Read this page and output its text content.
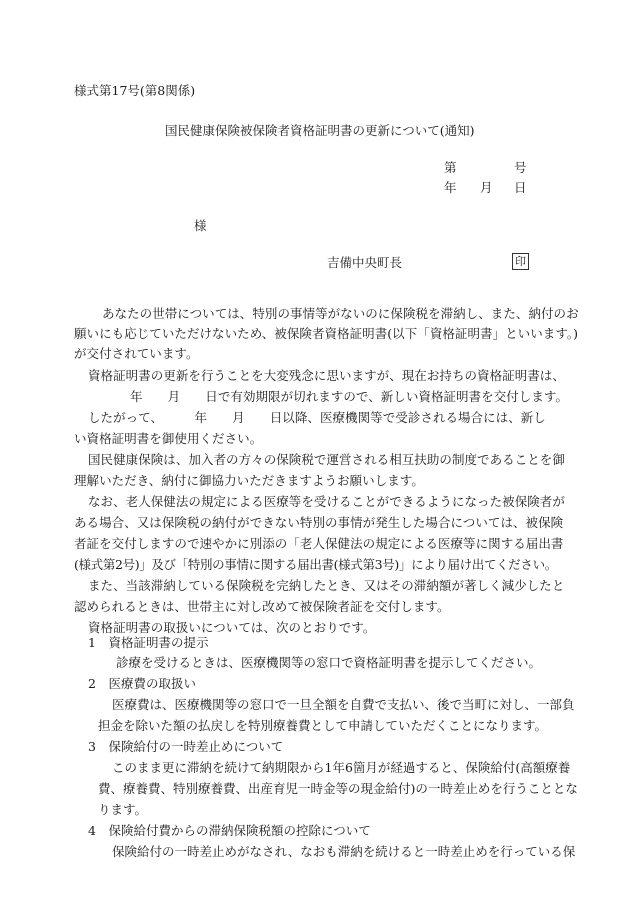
様式第17号(第8関係)
国民健康保険被保険者資格証明書の更新について(通知)
第	号
年 月 日
様
吉備中央町長	印
あなたの世帯については、特別の事情等がないのに保険税を滞納し、また、納付のお
願いにも応じていただけないため、被保険者資格証明書(以下「資格証明書」といいます。)
が交付されています。
資格証明書の更新を行うことを大変残念に思いますが、現在お持ちの資格証明書は、
年　　月　　日で有効期限が切れますので、新しい資格証明書を交付します。
したがって、　　　年　　月　　日以降、医療機関等で受診される場合には、新し
い資格証明書を御使用ください。
国民健康保険は、加入者の方々の保険税で運営される相互扶助の制度であることを御
理解いただき、納付に御協力いただきますようお願いします。
なお、老人保健法の規定による医療等を受けることができるようになった被保険者が
ある場合、又は保険税の納付ができない特別の事情が発生した場合については、被保険
者証を交付しますので速やかに別添の「老人保健法の規定による医療等に関する届出書
(様式第2号)」及び「特別の事情に関する届出書(様式第3号)」により届け出てください。
また、当該滞納している保険税を完納したとき、又はその滞納額が著しく減少したと
認められるときは、世帯主に対し改めて被保険者証を交付します。
資格証明書の取扱いについては、次のとおりです。
1　資格証明書の提示
診療を受けるときは、医療機関等の窓口で資格証明書を提示してください。
2　医療費の取扱い
医療費は、医療機関等の窓口で一旦全額を自費で支払い、後で当町に対し、一部負
担金を除いた額の払戻しを特別療養費として申請していただくことになります。
3　保険給付の一時差止めについて
このまま更に滞納を続けて納期限から1年6箇月が経過すると、保険給付(高額療養
費、療養費、特別療養費、出産育児一時金等の現金給付)の一時差止めを行うこととな
ります。
4　保険給付費からの滞納保険税額の控除について
保険給付の一時差止めがなされ、なおも滞納を続けると一時差止めを行っている保
